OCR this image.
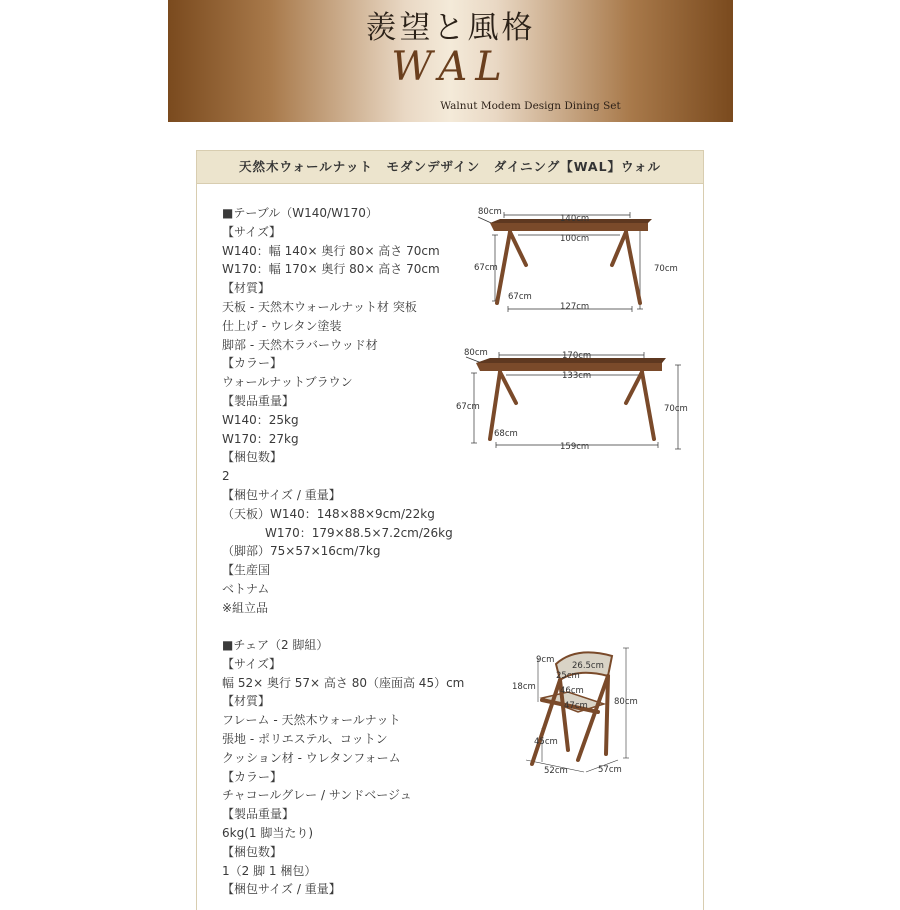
羨望と風格
WAL
Walnut Modem Design Dining Set
天然木ウォールナット　モダンデザイン　ダイニング【WAL】ウォル
■テーブル（W140/W170）
【サイズ】
W140：幅 140× 奥行 80× 高さ 70cm
W170：幅 170× 奥行 80× 高さ 70cm
【材質】
天板 - 天然木ウォールナット材 突板
仕上げ - ウレタン塗装
脚部 - 天然木ラバーウッド材
【カラー】
ウォールナットブラウン
【製品重量】
W140：25kg
W170：27kg
【梱包数】
2
【梱包サイズ / 重量】
（天板）W140：148×88×9cm/22kg
W170：179×88.5×7.2cm/26kg
（脚部）75×57×16cm/7kg
【生産国
ベトナム
※組立品
■チェア（2 脚組）
【サイズ】
幅 52× 奥行 57× 高さ 80（座面高 45）cm
【材質】
フレーム - 天然木ウォールナット
張地 - ポリエステル、コットン
クッション材 - ウレタンフォーム
【カラー】
チャコールグレー / サンドベージュ
【製品重量】
6kg(1 脚当たり)
【梱包数】
1（2 脚 1 梱包）
【梱包サイズ / 重量】
80cm
140cm
100cm
67cm	70cm
67cm
127cm
80cm	170cm
133cm
67cm	70cm
68cm
159cm
9cm
26.5cm
18cm
25cm
46cm
47cm	80cm
45cm
52cm	57cm
